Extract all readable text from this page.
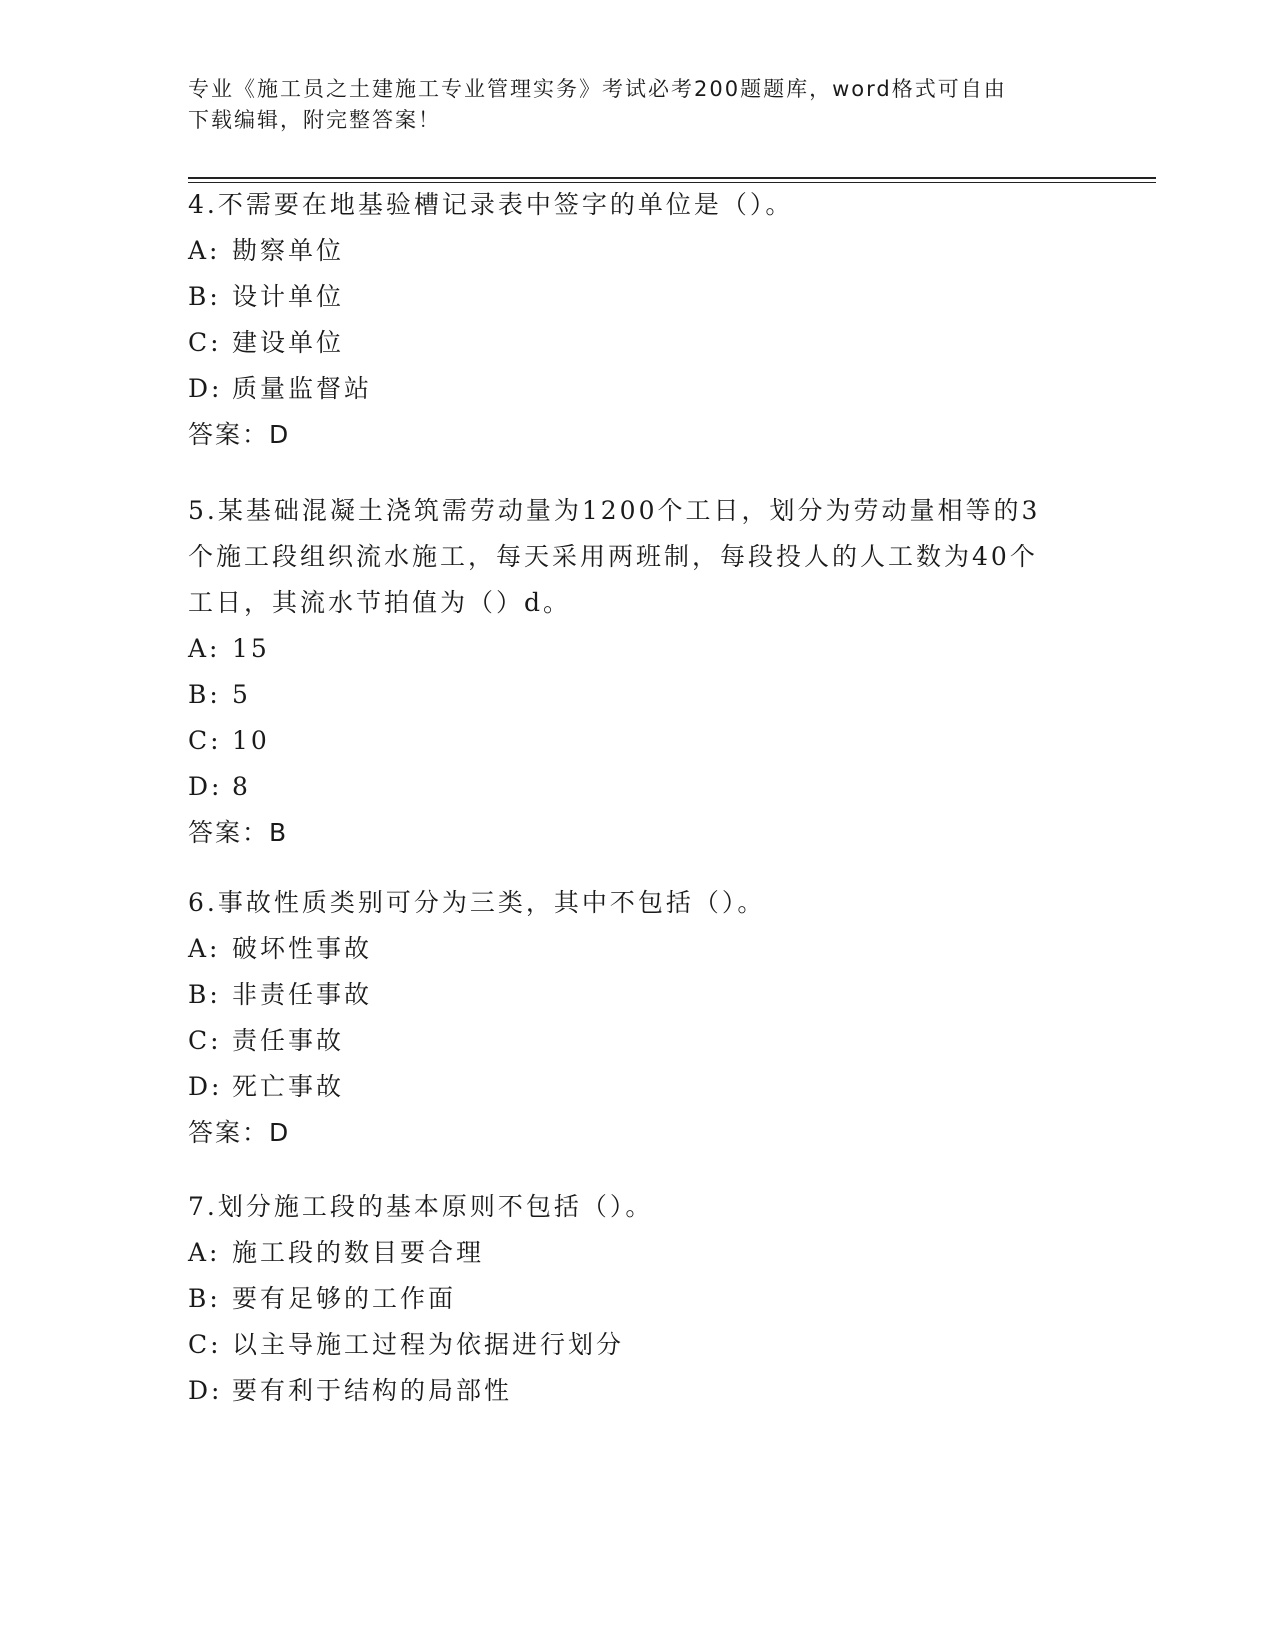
专业《施工员之土建施工专业管理实务》考试必考200题题库，word格式可自由
下载编辑，附完整答案！
4.不需要在地基验槽记录表中签字的单位是（）。
A: 勘察单位
B: 设计单位
C: 建设单位
D: 质量监督站
答案：D
5.某基础混凝土浇筑需劳动量为1200个工日，划分为劳动量相等的3
个施工段组织流水施工，每天采用两班制，每段投人的人工数为40个
工日，其流水节拍值为（）d。
A: 15
B: 5
C: 10
D: 8
答案：B
6.事故性质类别可分为三类，其中不包括（）。
A: 破坏性事故
B: 非责任事故
C: 责任事故
D: 死亡事故
答案：D
7.划分施工段的基本原则不包括（）。
A: 施工段的数目要合理
B: 要有足够的工作面
C: 以主导施工过程为依据进行划分
D: 要有利于结构的局部性
